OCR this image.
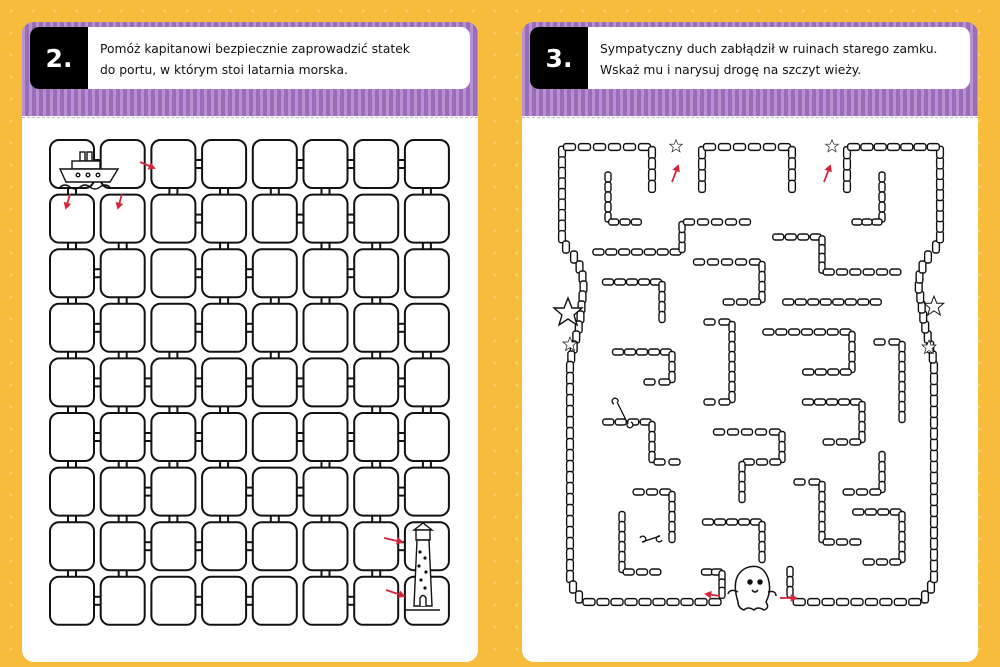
2.	Pomóż kapitanowi bezpiecznie zaprowadzić statek
do portu, w którym stoi latarnia morska.	3.	Sympatyczny duch zabłądził w ruinach starego zamku.
Wskaż mu i narysuj drogę na szczyt wieży.
